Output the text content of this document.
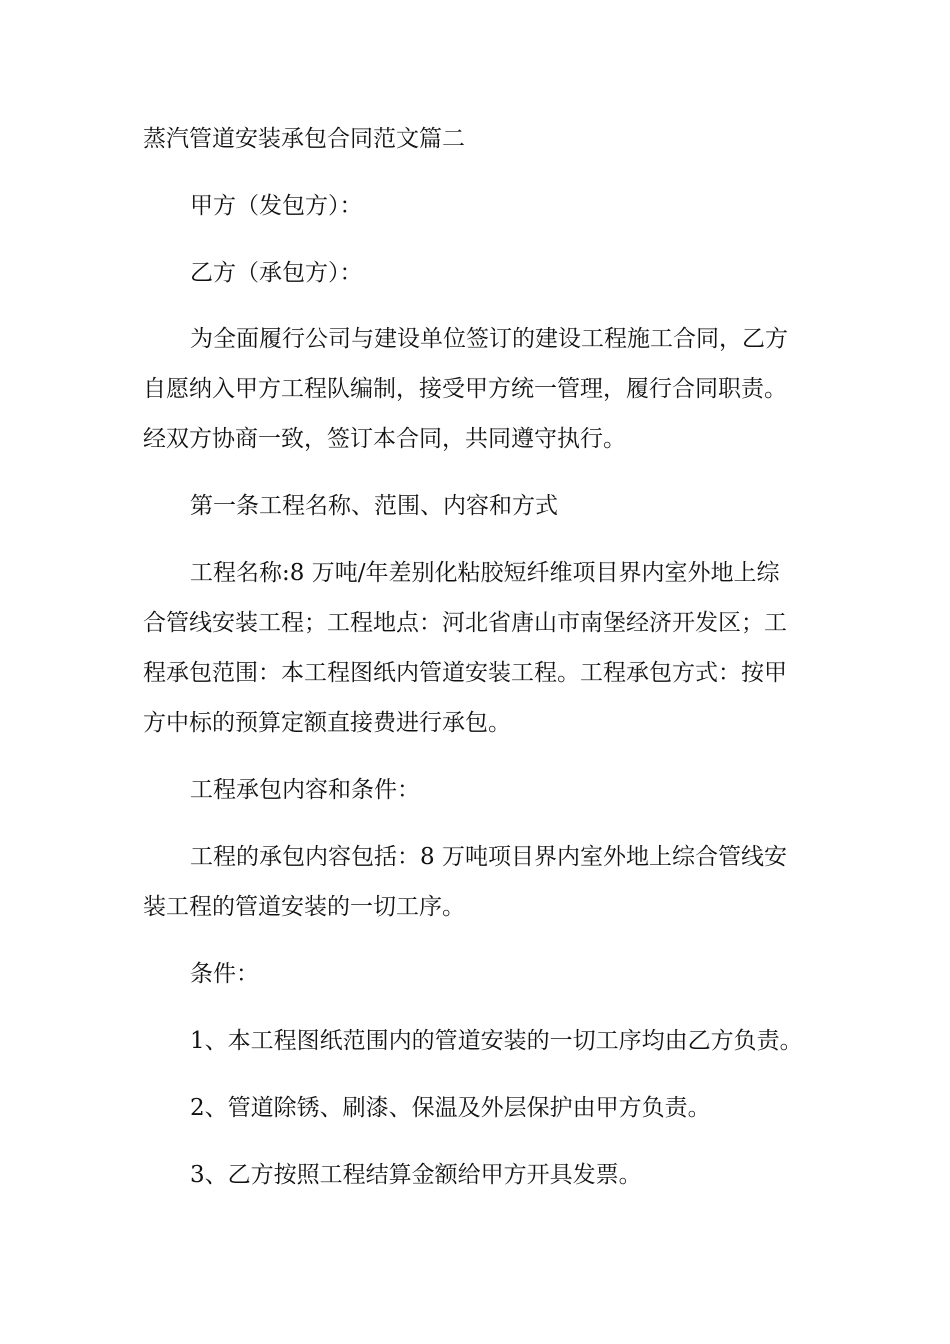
蒸汽管道安装承包合同范文篇二
甲方（发包方）：
乙方（承包方）：
为全面履行公司与建设单位签订的建设工程施工合同，乙方
自愿纳入甲方工程队编制，接受甲方统一管理，履行合同职责。
经双方协商一致，签订本合同，共同遵守执行。
第一条工程名称、范围、内容和方式
工程名称:8 万吨/年差别化粘胶短纤维项目界内室外地上综
合管线安装工程；工程地点：河北省唐山市南堡经济开发区；工
程承包范围：本工程图纸内管道安装工程。工程承包方式：按甲
方中标的预算定额直接费进行承包。
工程承包内容和条件：
工程的承包内容包括：8 万吨项目界内室外地上综合管线安
装工程的管道安装的一切工序。
条件：
1、本工程图纸范围内的管道安装的一切工序均由乙方负责。
2、管道除锈、刷漆、保温及外层保护由甲方负责。
3、乙方按照工程结算金额给甲方开具发票。
